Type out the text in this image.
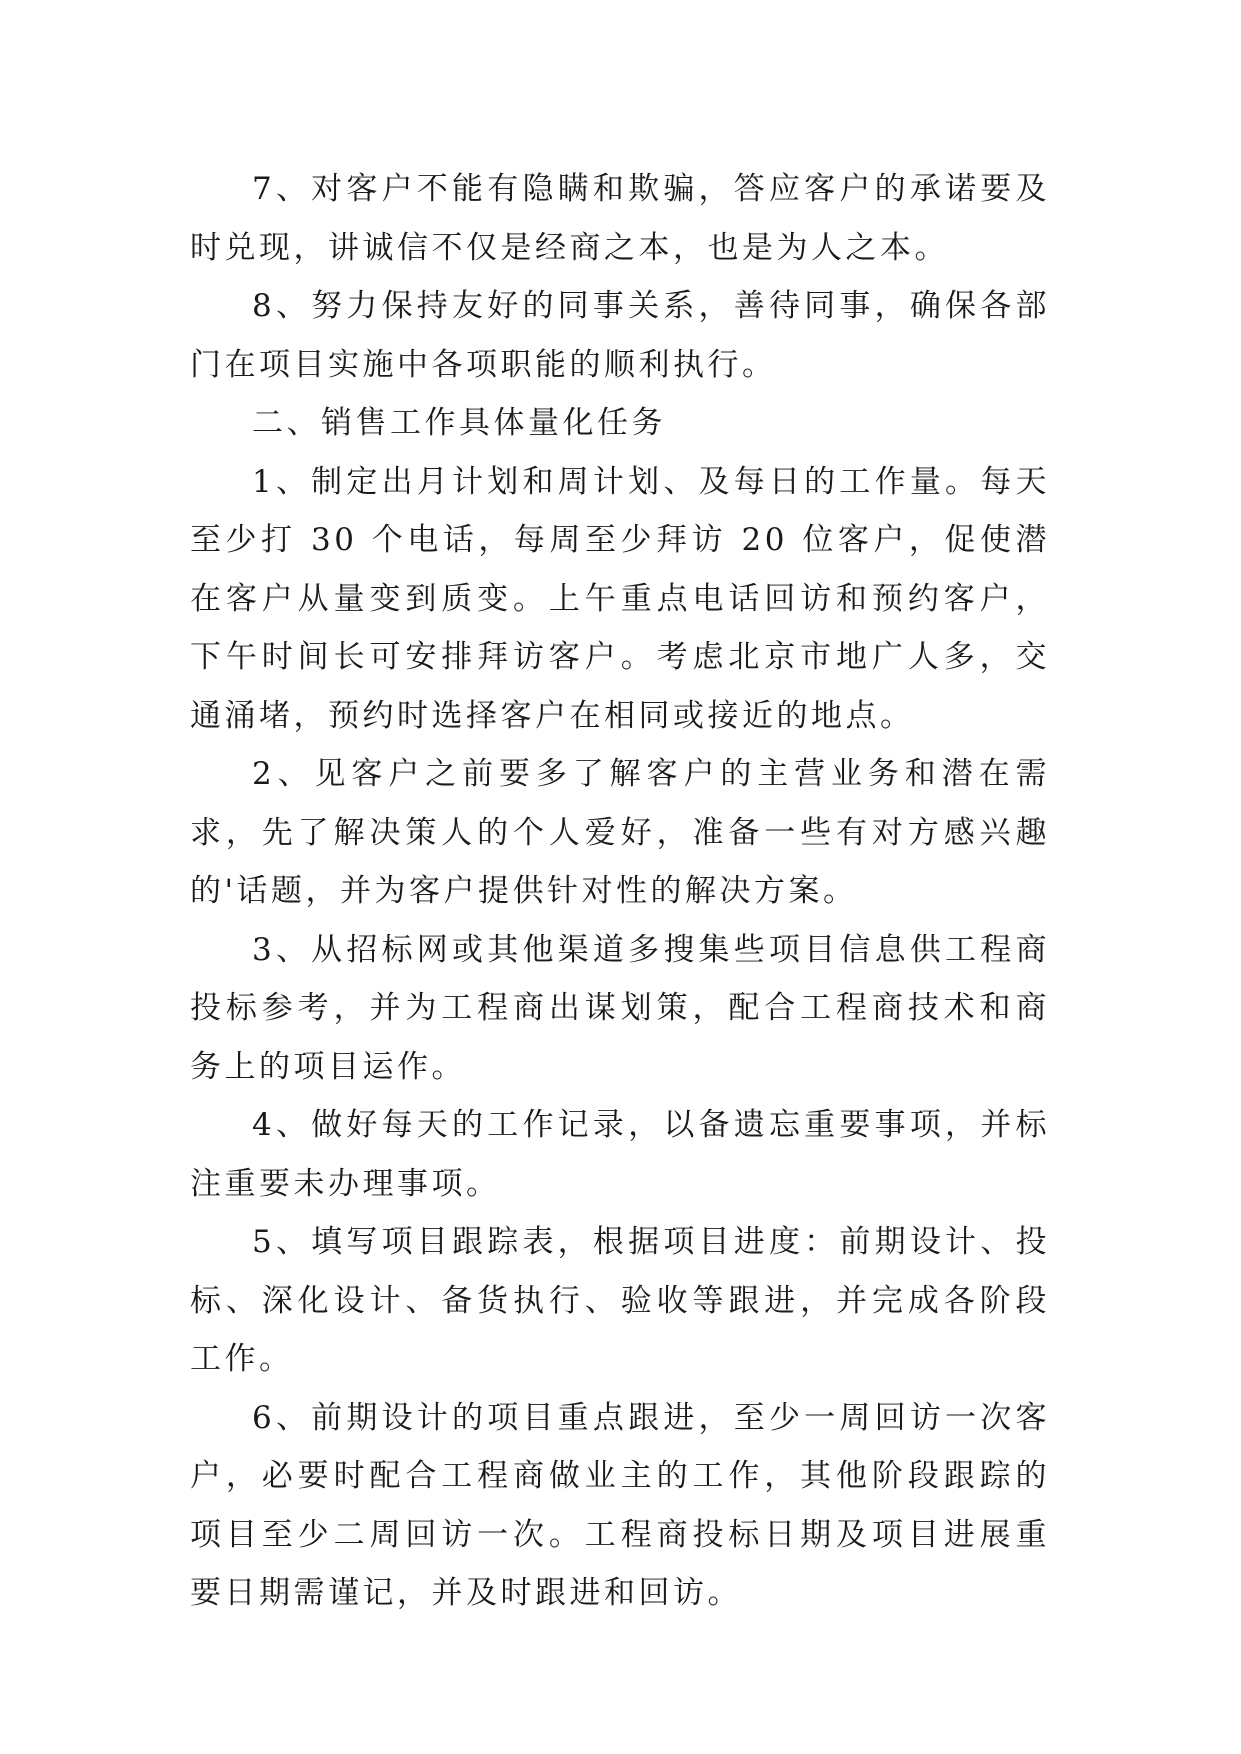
7、对客户不能有隐瞒和欺骗，答应客户的承诺要及时兑现，讲诚信不仅是经商之本，也是为人之本。

8、努力保持友好的同事关系，善待同事，确保各部门在项目实施中各项职能的顺利执行。

二、销售工作具体量化任务

1、制定出月计划和周计划、及每日的工作量。每天至少打 30 个电话，每周至少拜访 20 位客户，促使潜在客户从量变到质变。上午重点电话回访和预约客户，下午时间长可安排拜访客户。考虑北京市地广人多，交通涌堵，预约时选择客户在相同或接近的地点。

2、见客户之前要多了解客户的主营业务和潜在需求，先了解决策人的个人爱好，准备一些有对方感兴趣的'话题，并为客户提供针对性的解决方案。

3、从招标网或其他渠道多搜集些项目信息供工程商投标参考，并为工程商出谋划策，配合工程商技术和商务上的项目运作。

4、做好每天的工作记录，以备遗忘重要事项，并标注重要未办理事项。

5、填写项目跟踪表，根据项目进度：前期设计、投标、深化设计、备货执行、验收等跟进，并完成各阶段工作。

6、前期设计的项目重点跟进，至少一周回访一次客户，必要时配合工程商做业主的工作，其他阶段跟踪的项目至少二周回访一次。工程商投标日期及项目进展重要日期需谨记，并及时跟进和回访。
